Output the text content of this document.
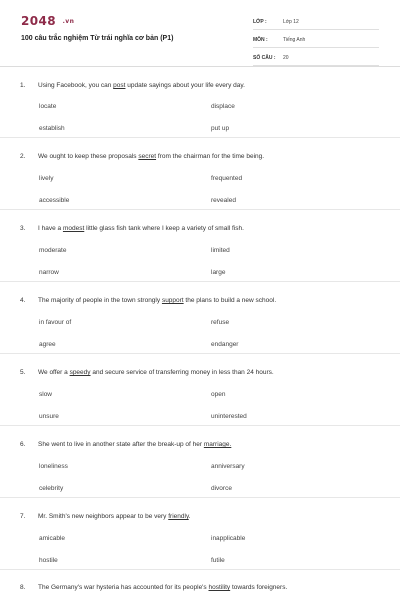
2048 .vn
100 câu trắc nghiệm Từ trái nghĩa cơ bản (P1)
LỚP :	Lớp 12
MÔN :	Tiếng Anh
SỐ CÂU :	20
1. Using Facebook, you can post update sayings about your life every day.
locate	displace
establish	put up
2. We ought to keep these proposals secret from the chairman for the time being.
lively	frequented
accessible	revealed
3. I have a modest little glass fish tank where I keep a variety of small fish.
moderate	limited
narrow	large
4. The majority of people in the town strongly support the plans to build a new school.
in favour of	refuse
agree	endanger
5. We offer a speedy and secure service of transferring money in less than 24 hours.
slow	open
unsure	uninterested
6. She went to live in another state after the break-up of her marriage.
loneliness	anniversary
celebrity	divorce
7. Mr. Smith's new neighbors appear to be very friendly.
amicable	inapplicable
hostile	futile
8. The Germany's war hysteria has accounted for its people's hostility towards foreigners.
